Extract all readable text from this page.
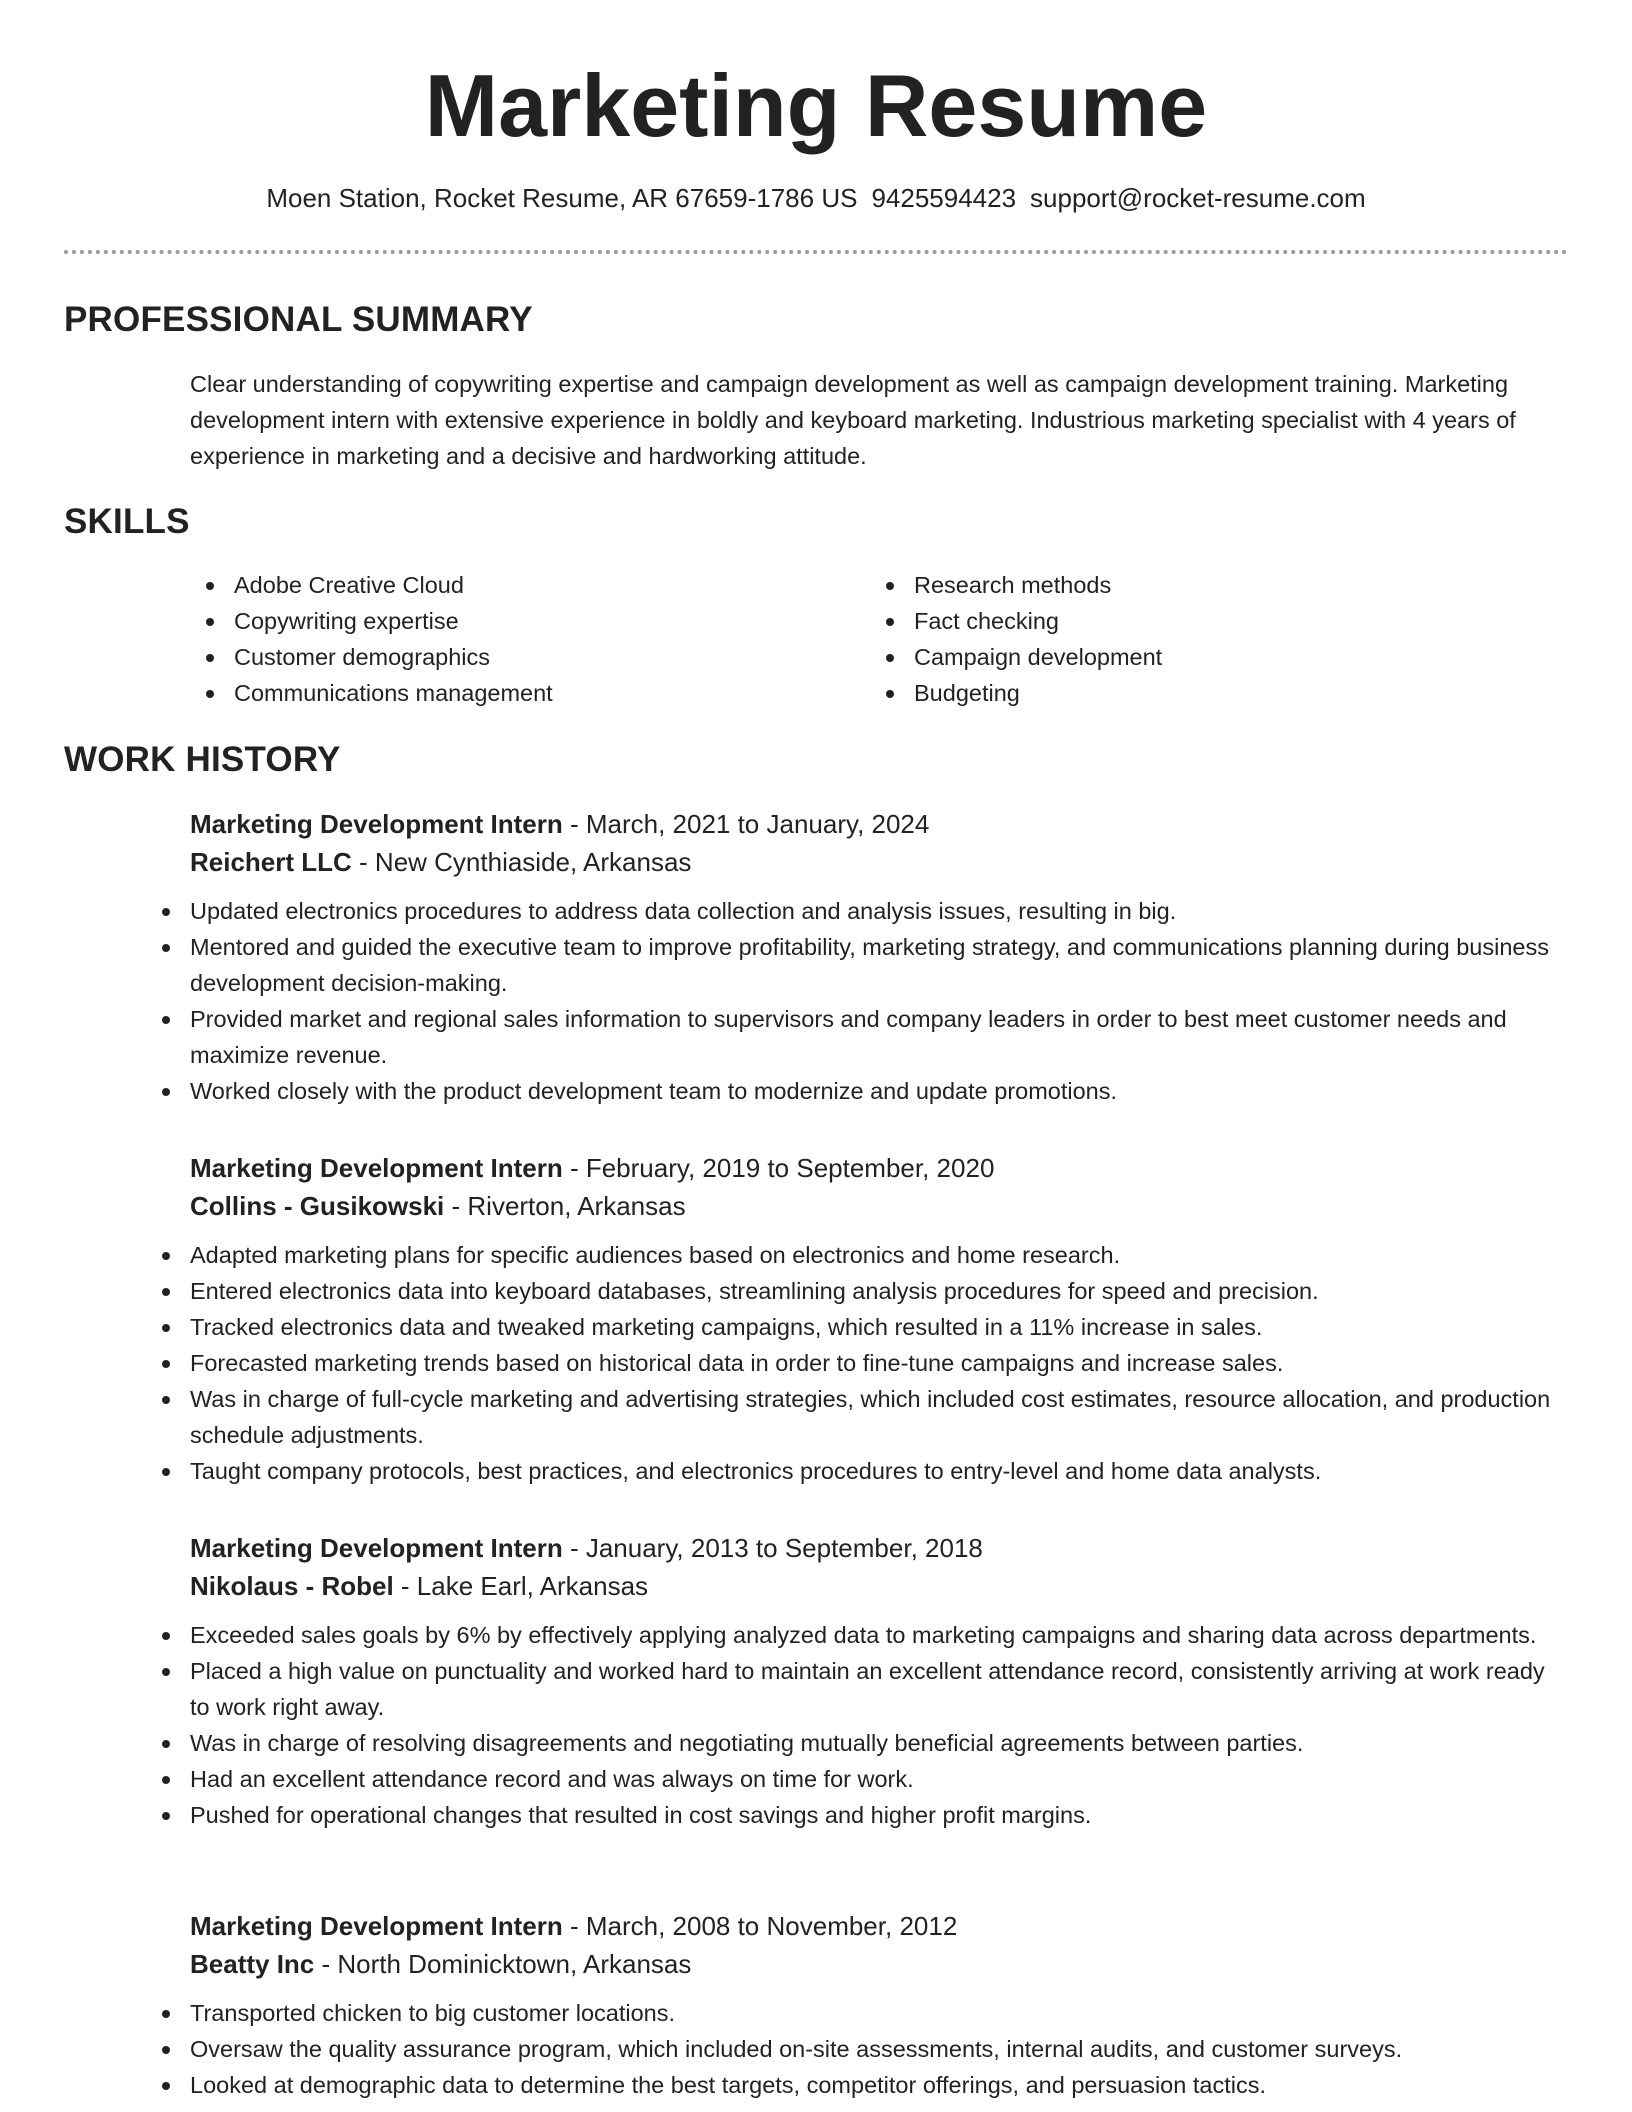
Marketing Resume
Moen Station, Rocket Resume, AR 67659-1786 US 9425594423 support@rocket-resume.com
PROFESSIONAL SUMMARY

Clear understanding of copywriting expertise and campaign development as well as campaign development training. Marketing development intern with extensive experience in boldly and keyboard marketing. Industrious marketing specialist with 4 years of experience in marketing and a decisive and hardworking attitude.

SKILLS
Adobe Creative Cloud
Copywriting expertise
Customer demographics
Communications management
Research methods
Fact checking
Campaign development
Budgeting
WORK HISTORY

Marketing Development Intern - March, 2021 to January, 2024

Reichert LLC - New Cynthiaside, Arkansas

Updated electronics procedures to address data collection and analysis issues, resulting in big.
Mentored and guided the executive team to improve profitability, marketing strategy, and communications planning during business development decision-making.
Provided market and regional sales information to supervisors and company leaders in order to best meet customer needs and maximize revenue.
Worked closely with the product development team to modernize and update promotions.

Marketing Development Intern - February, 2019 to September, 2020

Collins - Gusikowski - Riverton, Arkansas

Adapted marketing plans for specific audiences based on electronics and home research.
Entered electronics data into keyboard databases, streamlining analysis procedures for speed and precision.
Tracked electronics data and tweaked marketing campaigns, which resulted in a 11% increase in sales.
Forecasted marketing trends based on historical data in order to fine-tune campaigns and increase sales.
Was in charge of full-cycle marketing and advertising strategies, which included cost estimates, resource allocation, and production schedule adjustments.
Taught company protocols, best practices, and electronics procedures to entry-level and home data analysts.

Marketing Development Intern - January, 2013 to September, 2018

Nikolaus - Robel - Lake Earl, Arkansas

Exceeded sales goals by 6% by effectively applying analyzed data to marketing campaigns and sharing data across departments.
Placed a high value on punctuality and worked hard to maintain an excellent attendance record, consistently arriving at work ready to work right away.
Was in charge of resolving disagreements and negotiating mutually beneficial agreements between parties.
Had an excellent attendance record and was always on time for work.
Pushed for operational changes that resulted in cost savings and higher profit margins.

Marketing Development Intern - March, 2008 to November, 2012

Beatty Inc - North Dominicktown, Arkansas

Transported chicken to big customer locations.
Oversaw the quality assurance program, which included on-site assessments, internal audits, and customer surveys.
Looked at demographic data to determine the best targets, competitor offerings, and persuasion tactics.
